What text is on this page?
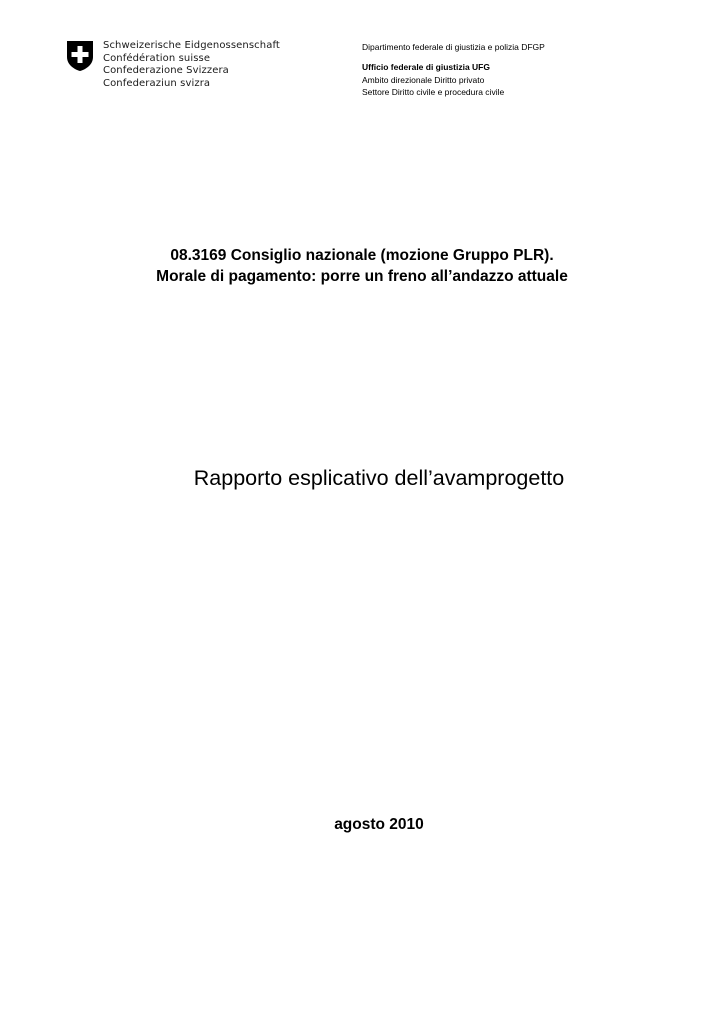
Schweizerische Eidgenossenschaft
Confédération suisse
Confederazione Svizzera
Confederaziun svizra
Dipartimento federale di giustizia e polizia DFGP
Ufficio federale di giustizia UFG
Ambito direzionale Diritto privato
Settore Diritto civile e procedura civile
08.3169 Consiglio nazionale (mozione Gruppo PLR).
Morale di pagamento: porre un freno all’andazzo attuale
Rapporto esplicativo dell’avamprogetto
agosto 2010
